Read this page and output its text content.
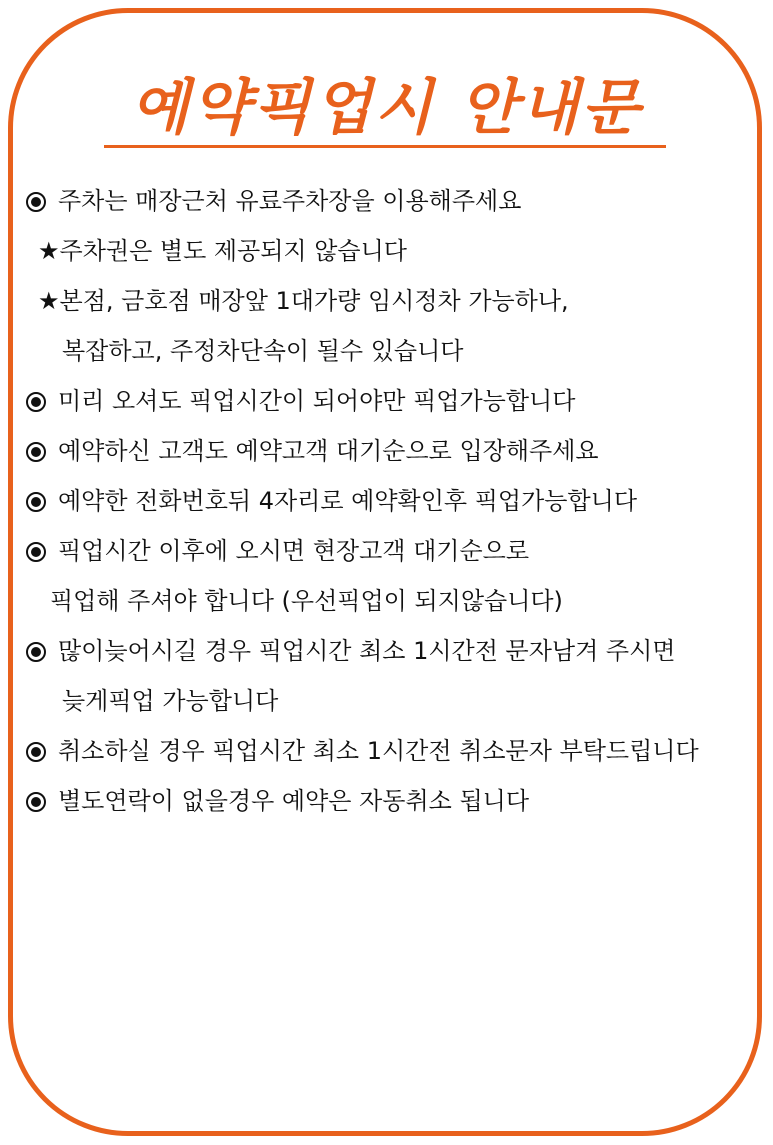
예약픽업시 안내문
주차는 매장근처 유료주차장을 이용해주세요
★주차권은 별도 제공되지 않습니다
★본점, 금호점 매장앞 1대가량 임시정차 가능하나,
복잡하고, 주정차단속이 될수 있습니다
미리 오셔도 픽업시간이 되어야만 픽업가능합니다
예약하신 고객도 예약고객 대기순으로 입장해주세요
예약한 전화번호뒤 4자리로 예약확인후 픽업가능합니다
픽업시간 이후에 오시면 현장고객 대기순으로
픽업해 주셔야 합니다 (우선픽업이 되지않습니다)
많이늦어시길 경우 픽업시간 최소 1시간전 문자남겨 주시면
늦게픽업 가능합니다
취소하실 경우 픽업시간 최소 1시간전 취소문자 부탁드립니다
별도연락이 없을경우 예약은 자동취소 됩니다
